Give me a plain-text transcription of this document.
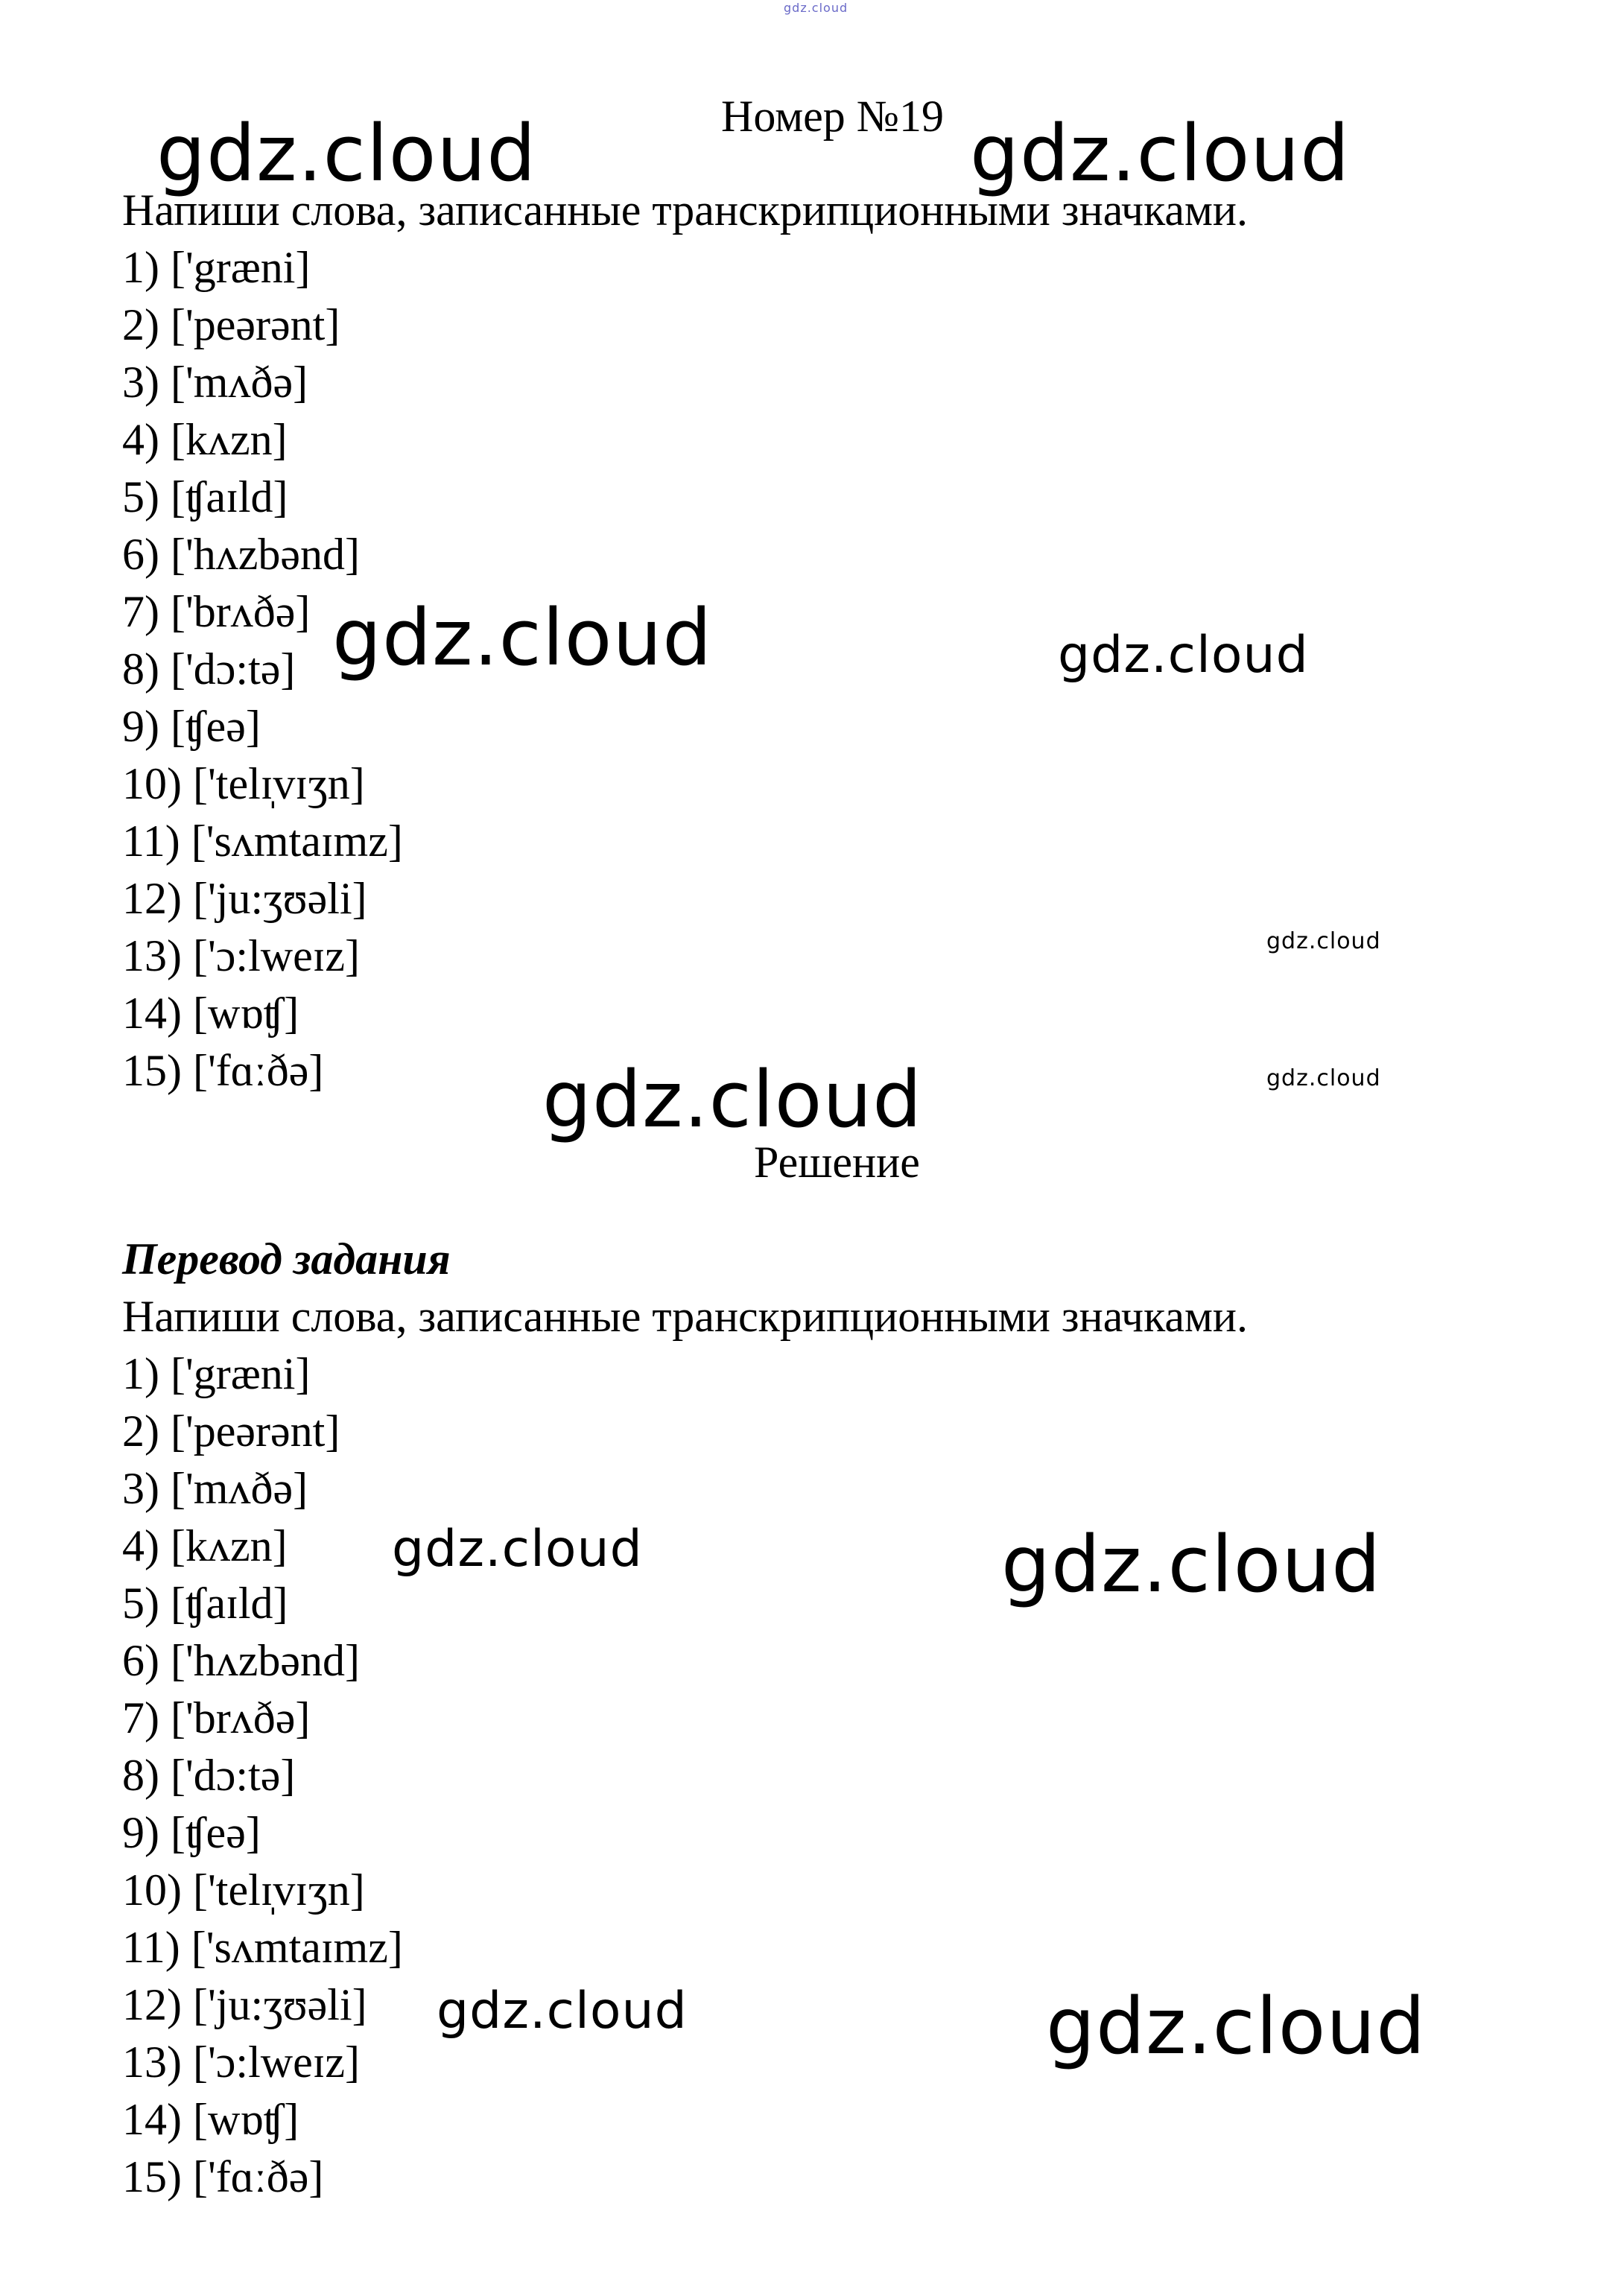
gdz.cloud
Номер №19
Напиши слова, записанные транскрипционными значками.
1) ['græni]
2) ['peərənt]
3) ['mʌðə]
4) [kʌzn]
5) [ʧaɪld]
6) ['hʌzbənd]
7) ['brʌðə]
8) ['dɔ:tə]
9) [ʧeə]
10) ['telɪ̩vɪʒn]
11) ['sʌmtaɪmz]
12) ['ju:ʒʊəli]
13) ['ɔ:lweɪz]
14) [wɒʧ]
15) ['fɑːðə]
Решение
Перевод задания
Напиши слова, записанные транскрипционными значками.
1) ['græni]
2) ['peərənt]
3) ['mʌðə]
4) [kʌzn]
5) [ʧaɪld]
6) ['hʌzbənd]
7) ['brʌðə]
8) ['dɔ:tə]
9) [ʧeə]
10) ['telɪ̩vɪʒn]
11) ['sʌmtaɪmz]
12) ['ju:ʒʊəli]
13) ['ɔ:lweɪz]
14) [wɒʧ]
15) ['fɑːðə]
gdz.cloud	gdz.cloud
gdz.cloud	gdz.cloud
gdz.cloud
gdz.cloud	gdz.cloud
gdz.cloud	gdz.cloud
gdz.cloud	gdz.cloud
